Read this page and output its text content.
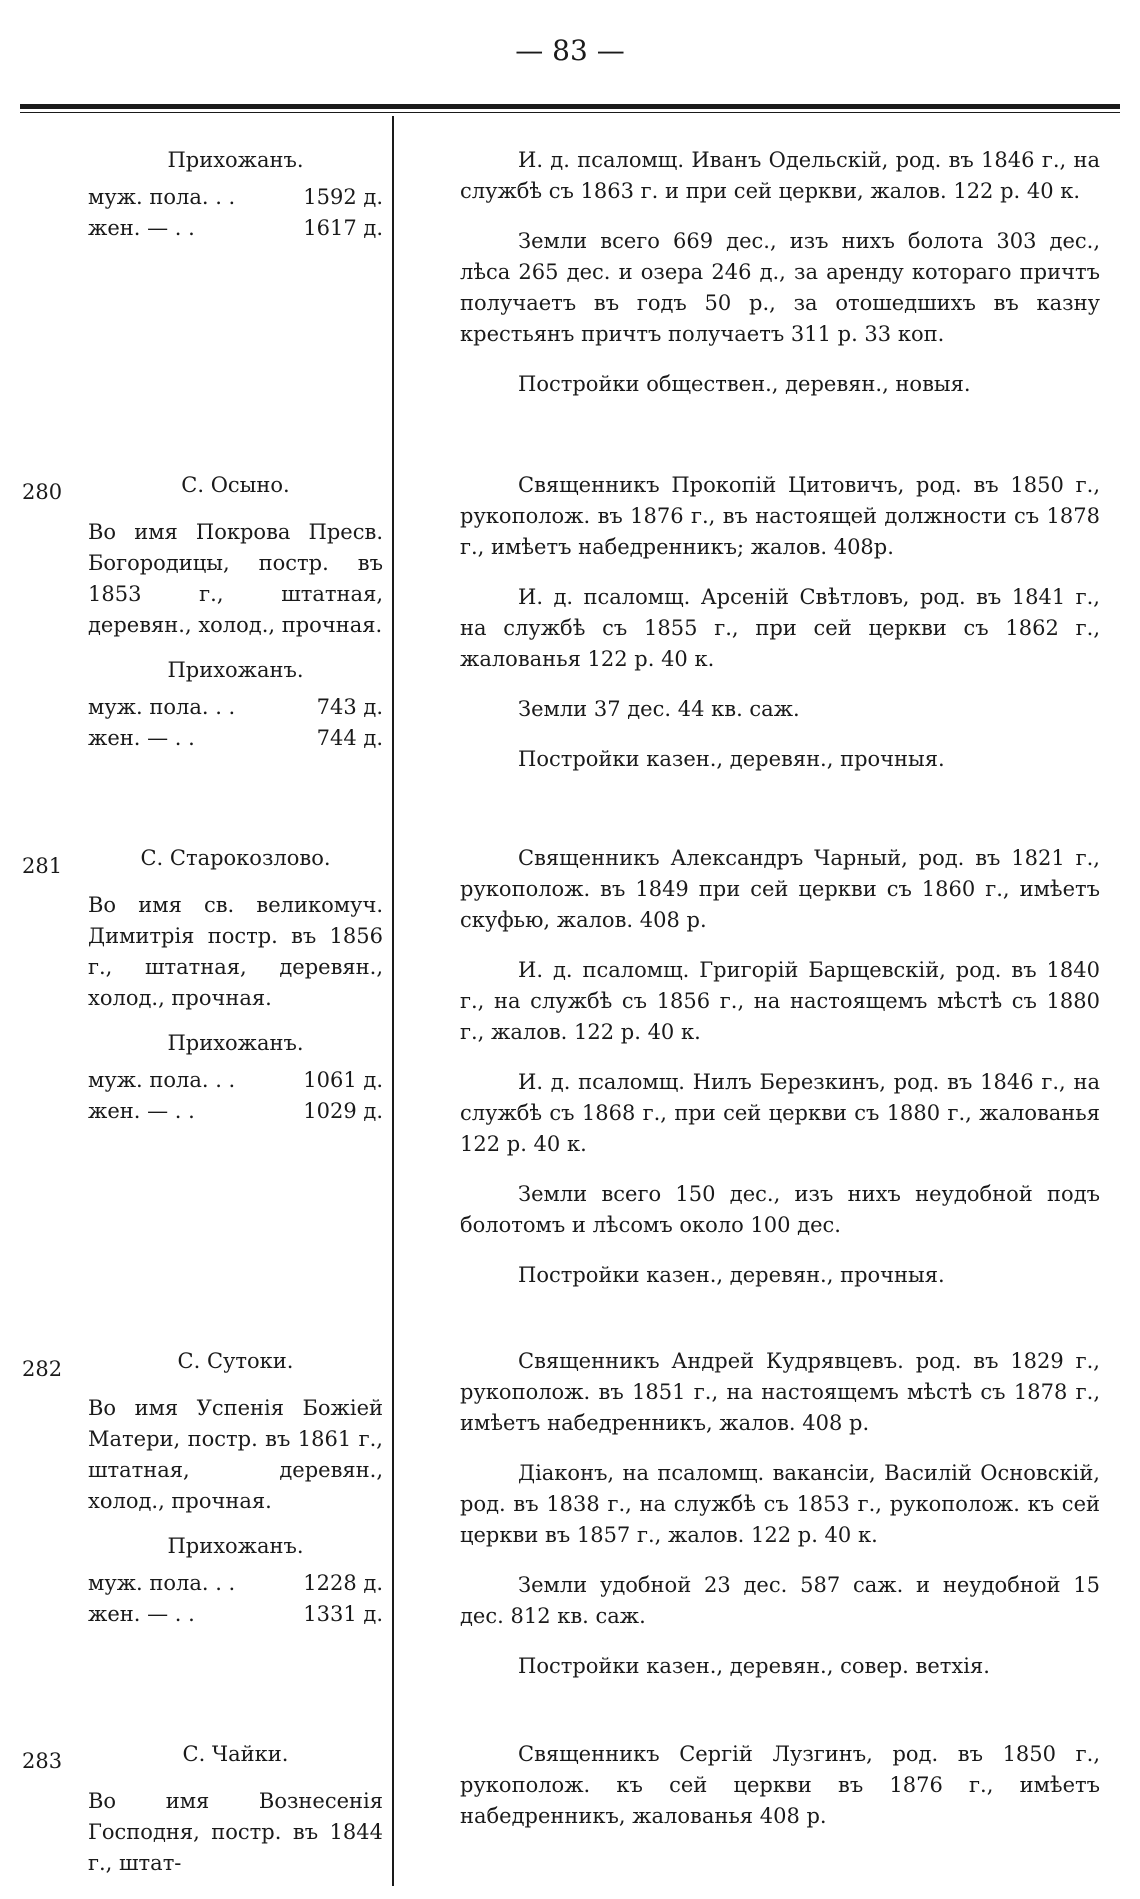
— 83 —
Прихожанъ.
муж. пола. . .	1592 д.
жен. — . .	1617 д.

И. д. псаломщ. Иванъ Одельскій, род. въ 1846 г., на службѣ съ 1863 г. и при сей церкви, жалов. 122 р. 40 к.

Земли всего 669 дес., изъ нихъ болота 303 дес., лѣса 265 дес. и озера 246 д., за аренду котораго причтъ получаетъ въ годъ 50 р., за отошедшихъ въ казну крестьянъ причтъ получаетъ 311 р. 33 коп.

Постройки обществен., деревян., новыя.

280	С. Осыно.
Во имя Покрова Пресв. Богородицы, постр. въ 1853 г., штатная, деревян., холод., прочная.
Прихожанъ.
муж. пола. . .	743 д.
жен. — . .	744 д.

Священникъ Прокопій Цитовичъ, род. въ 1850 г., рукополож. въ 1876 г., въ настоящей должности съ 1878 г., имѣетъ набедренникъ; жалов. 408р.

И. д. псаломщ. Арсеній Свѣтловъ, род. въ 1841 г., на службѣ съ 1855 г., при сей церкви съ 1862 г., жалованья 122 р. 40 к.

Земли 37 дес. 44 кв. саж.

Постройки казен., деревян., прочныя.

281	С. Старокозлово.
Во имя св. великомуч. Димитрія постр. въ 1856 г., штатная, деревян., холод., прочная.
Прихожанъ.
муж. пола. . .	1061 д.
жен. — . .	1029 д.

Священникъ Александръ Чарный, род. въ 1821 г., рукополож. въ 1849 при сей церкви съ 1860 г., имѣетъ скуфью, жалов. 408 р.

И. д. псаломщ. Григорій Барщевскій, род. въ 1840 г., на службѣ съ 1856 г., на настоящемъ мѣстѣ съ 1880 г., жалов. 122 р. 40 к.

И. д. псаломщ. Нилъ Березкинъ, род. въ 1846 г., на службѣ съ 1868 г., при сей церкви съ 1880 г., жалованья 122 р. 40 к.

Земли всего 150 дес., изъ нихъ неудобной подъ болотомъ и лѣсомъ около 100 дес.

Постройки казен., деревян., прочныя.

282	С. Сутоки.
Во имя Успенія Божіей Матери, постр. въ 1861 г., штатная, деревян., холод., прочная.
Прихожанъ.
муж. пола. . .	1228 д.
жен. — . .	1331 д.

Священникъ Андрей Кудрявцевъ. род. въ 1829 г., рукополож. въ 1851 г., на настоящемъ мѣстѣ съ 1878 г., имѣетъ набедренникъ, жалов. 408 р.

Діаконъ, на псаломщ. вакансіи, Василій Основскій, род. въ 1838 г., на службѣ съ 1853 г., рукополож. къ сей церкви въ 1857 г., жалов. 122 р. 40 к.

Земли удобной 23 дес. 587 саж. и неудобной 15 дес. 812 кв. саж.

Постройки казен., деревян., совер. ветхія.

283	С. Чайки.
Во имя Вознесенія Господня, постр. въ 1844 г., штат-

Священникъ Сергій Лузгинъ, род. въ 1850 г., рукополож. къ сей церкви въ 1876 г., имѣетъ набедренникъ, жалованья 408 р.
